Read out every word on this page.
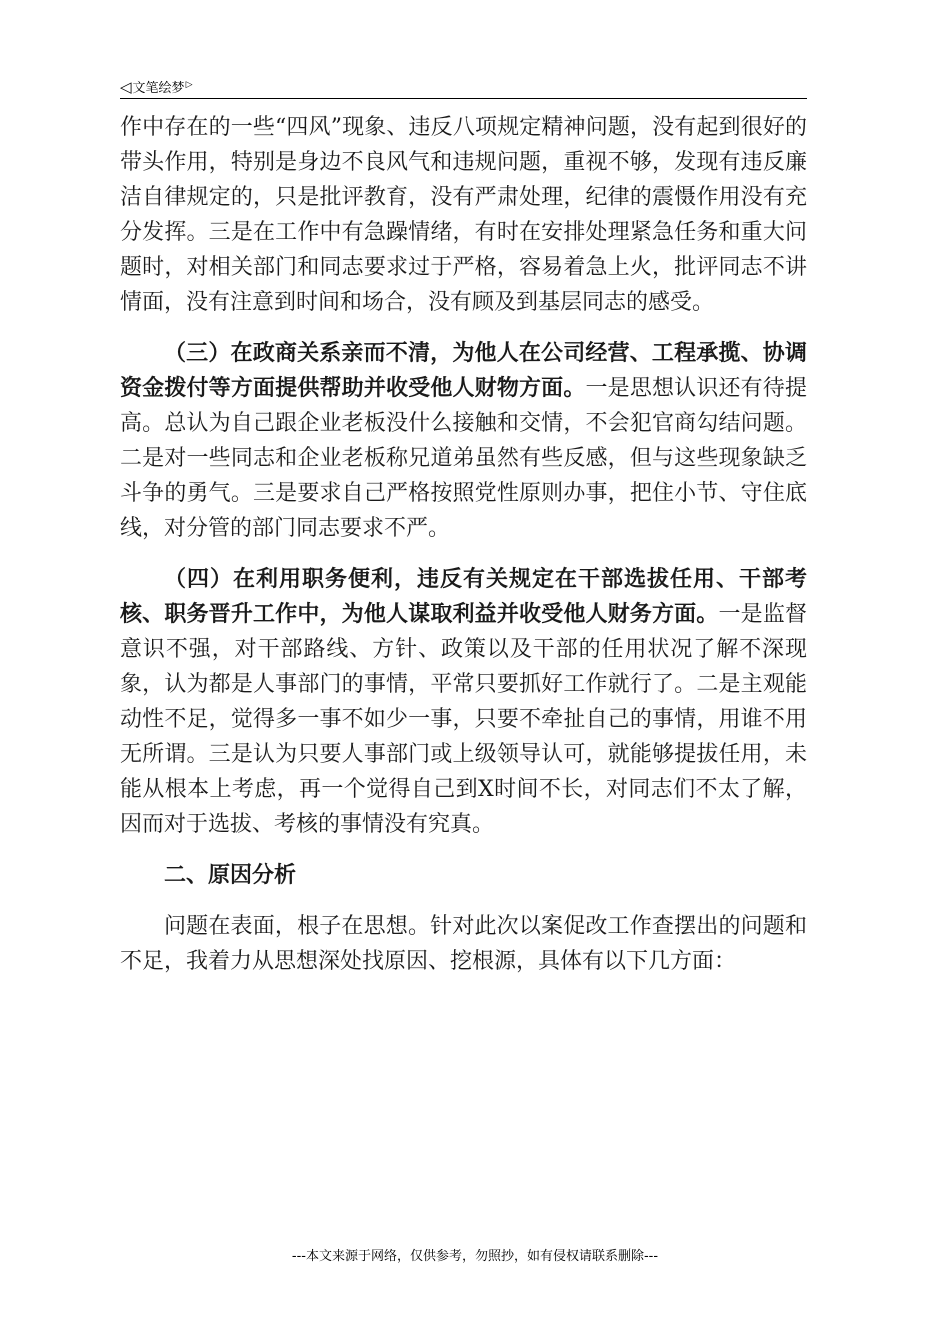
◁文笔绘梦▷

作中存在的一些“四风”现象、违反八项规定精神问题，没有起到很好的带头作用，特别是身边不良风气和违规问题，重视不够，发现有违反廉洁自律规定的，只是批评教育，没有严肃处理，纪律的震慑作用没有充分发挥。三是在工作中有急躁情绪，有时在安排处理紧急任务和重大问题时，对相关部门和同志要求过于严格，容易着急上火，批评同志不讲情面，没有注意到时间和场合，没有顾及到基层同志的感受。

（三）在政商关系亲而不清，为他人在公司经营、工程承揽、协调资金拨付等方面提供帮助并收受他人财物方面。一是思想认识还有待提高。总认为自己跟企业老板没什么接触和交情，不会犯官商勾结问题。二是对一些同志和企业老板称兄道弟虽然有些反感，但与这些现象缺乏斗争的勇气。三是要求自己严格按照党性原则办事，把住小节、守住底线，对分管的部门同志要求不严。

（四）在利用职务便利，违反有关规定在干部选拔任用、干部考核、职务晋升工作中，为他人谋取利益并收受他人财务方面。一是监督意识不强，对干部路线、方针、政策以及干部的任用状况了解不深现象，认为都是人事部门的事情，平常只要抓好工作就行了。二是主观能动性不足，觉得多一事不如少一事，只要不牵扯自己的事情，用谁不用无所谓。三是认为只要人事部门或上级领导认可，就能够提拔任用，未能从根本上考虑，再一个觉得自己到X时间不长，对同志们不太了解，因而对于选拔、考核的事情没有究真。

二、原因分析

问题在表面，根子在思想。针对此次以案促改工作查摆出的问题和不足，我着力从思想深处找原因、挖根源，具体有以下几方面：

---本文来源于网络，仅供参考，勿照抄，如有侵权请联系删除---
